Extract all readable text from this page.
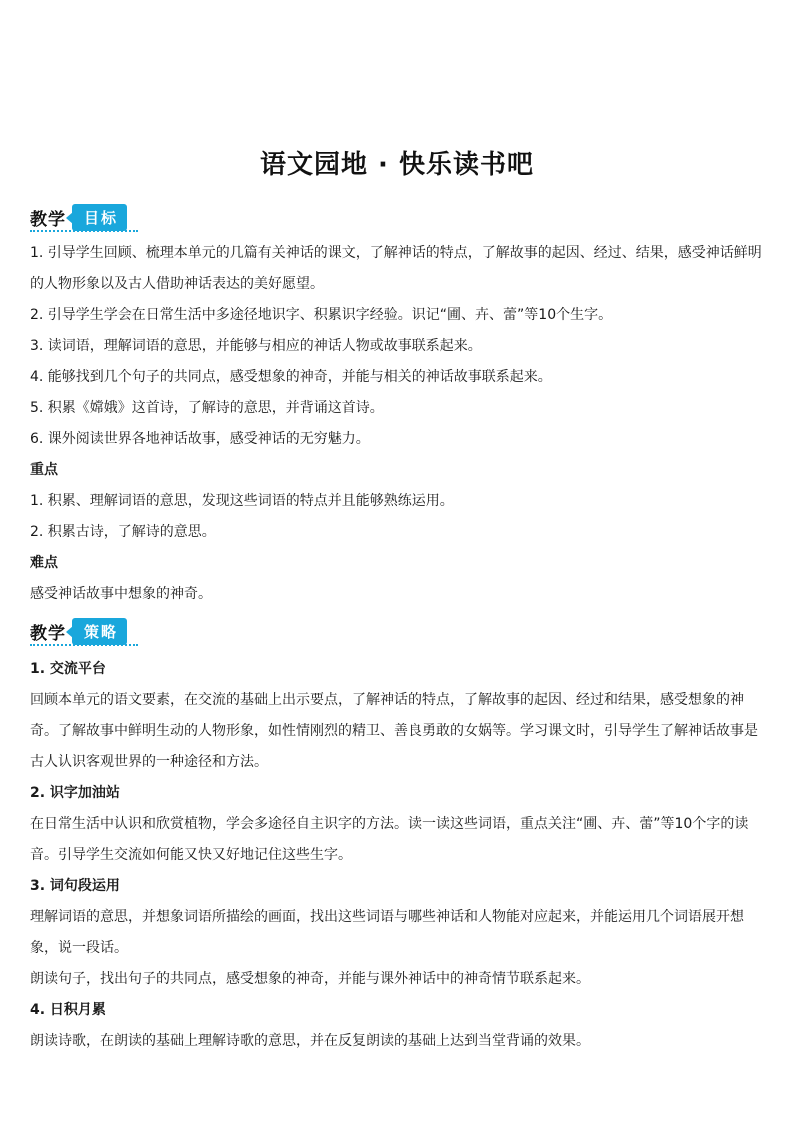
语文园地 · 快乐读书吧
教学	目标

1. 引导学生回顾、梳理本单元的几篇有关神话的课文，了解神话的特点，了解故事的起因、经过、结果，感受神话鲜明的人物形象以及古人借助神话表达的美好愿望。

2. 引导学生学会在日常生活中多途径地识字、积累识字经验。识记“圃、卉、蕾”等10个生字。

3. 读词语，理解词语的意思，并能够与相应的神话人物或故事联系起来。

4. 能够找到几个句子的共同点，感受想象的神奇，并能与相关的神话故事联系起来。

5. 积累《嫦娥》这首诗，了解诗的意思，并背诵这首诗。

6. 课外阅读世界各地神话故事，感受神话的无穷魅力。

重点

1. 积累、理解词语的意思，发现这些词语的特点并且能够熟练运用。

2. 积累古诗，了解诗的意思。

难点

感受神话故事中想象的神奇。

教学	策略

1. 交流平台

回顾本单元的语文要素，在交流的基础上出示要点，了解神话的特点，了解故事的起因、经过和结果，感受想象的神奇。了解故事中鲜明生动的人物形象，如性情刚烈的精卫、善良勇敢的女娲等。学习课文时，引导学生了解神话故事是古人认识客观世界的一种途径和方法。

2. 识字加油站

在日常生活中认识和欣赏植物，学会多途径自主识字的方法。读一读这些词语，重点关注“圃、卉、蕾”等10个字的读音。引导学生交流如何能又快又好地记住这些生字。

3. 词句段运用

理解词语的意思，并想象词语所描绘的画面，找出这些词语与哪些神话和人物能对应起来，并能运用几个词语展开想象，说一段话。

朗读句子，找出句子的共同点，感受想象的神奇，并能与课外神话中的神奇情节联系起来。

4. 日积月累

朗读诗歌，在朗读的基础上理解诗歌的意思，并在反复朗读的基础上达到当堂背诵的效果。
